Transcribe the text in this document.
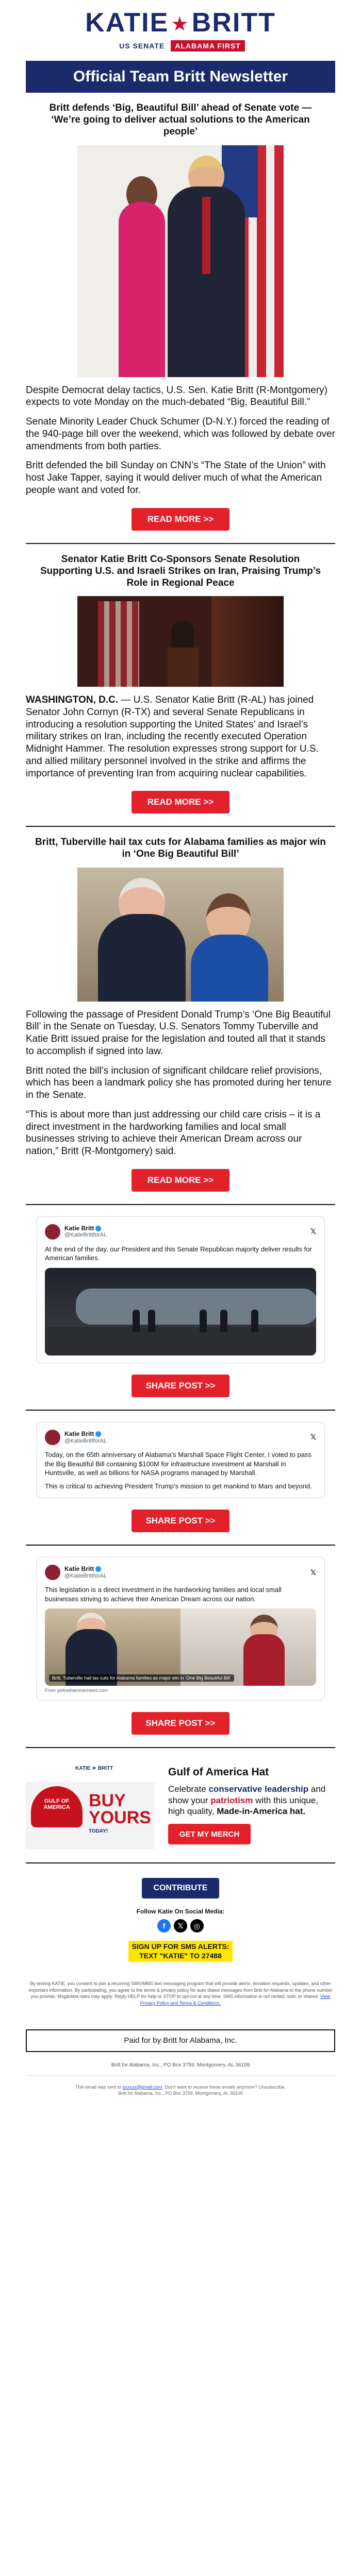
KATIE ★ BRITT
US SENATE	ALABAMA FIRST
Official Team Britt Newsletter
Britt defends ‘Big, Beautiful Bill’ ahead of Senate vote — ‘We’re going to deliver actual solutions to the American people’

Despite Democrat delay tactics, U.S. Sen. Katie Britt (R-Montgomery) expects to vote Monday on the much-debated “Big, Beautiful Bill.”

Senate Minority Leader Chuck Schumer (D-N.Y.) forced the reading of the 940-page bill over the weekend, which was followed by debate over amendments from both parties.

Britt defended the bill Sunday on CNN’s “The State of the Union” with host Jake Tapper, saying it would deliver much of what the American people want and voted for.

READ MORE >>
Senator Katie Britt Co-Sponsors Senate Resolution Supporting U.S. and Israeli Strikes on Iran, Praising Trump’s Role in Regional Peace

WASHINGTON, D.C. — U.S. Senator Katie Britt (R-AL) has joined Senator John Cornyn (R-TX) and several Senate Republicans in introducing a resolution supporting the United States’ and Israel’s military strikes on Iran, including the recently executed Operation Midnight Hammer. The resolution expresses strong support for U.S. and allied military personnel involved in the strike and affirms the importance of preventing Iran from acquiring nuclear capabilities.

READ MORE >>
Britt, Tuberville hail tax cuts for Alabama families as major win in ‘One Big Beautiful Bill’

Following the passage of President Donald Trump’s ‘One Big Beautiful Bill’ in the Senate on Tuesday, U.S. Senators Tommy Tuberville and Katie Britt issued praise for the legislation and touted all that it stands to accomplish if signed into law.

Britt noted the bill’s inclusion of significant childcare relief provisions, which has been a landmark policy she has promoted during her tenure in the Senate.

“This is about more than just addressing our child care crisis – it is a direct investment in the hardworking families and local small businesses striving to achieve their American Dream across our nation,” Britt (R-Montgomery) said.

READ MORE >>
Katie Britt
@KatieBrittforAL	𝕏

At the end of the day, our President and this Senate Republican majority deliver results for American families.

SHARE POST >>
Katie Britt
@KatieBrittforAL	𝕏

Today, on the 65th anniversary of Alabama’s Marshall Space Flight Center, I voted to pass the Big Beautiful Bill containing $100M for infrastructure investment at Marshall in Huntsville, as well as billions for NASA programs managed by Marshall.

This is critical to achieving President Trump’s mission to get mankind to Mars and beyond.

SHARE POST >>
Katie Britt
@KatieBrittforAL	𝕏

This legislation is a direct investment in the hardworking families and local small businesses striving to achieve their American Dream across our nation.

Britt, Tuberville hail tax cuts for Alabama families as major win in ‘One Big Beautiful Bill’
From yellowhammernews.com
SHARE POST >>
KATIE ★ BRITT
GULF OF AMERICA	BUY
YOURS
TODAY!
Gulf of America Hat

Celebrate conservative leadership and show your patriotism with this unique, high quality, Made-in-America hat.

GET MY MERCH
CONTRIBUTE
Follow Katie On Social Media:
f	𝕏	◎
SIGN UP FOR SMS ALERTS:
TEXT "KATIE" TO 27488

By texting KATIE, you consent to join a recurring SMS/MMS text messaging program that will provide alerts, donation requests, updates, and other important information. By participating, you agree to the terms & privacy policy for auto dialed messages from Britt for Alabama to the phone number you provide. Msg&data rates may apply. Reply HELP for help or STOP to opt-out at any time. SMS information is not rented, sold, or shared. View Privacy Policy and Terms & Conditions.

Paid for by Britt for Alabama, Inc.
Britt for Alabama, Inc., PO Box 3759, Montgomery, AL 36109

This email was sent to xxxxxx@gmail.com. Don't want to receive these emails anymore? Unsubscribe.
Britt for Alabama, Inc., PO Box 3759, Montgomery, AL 36109
